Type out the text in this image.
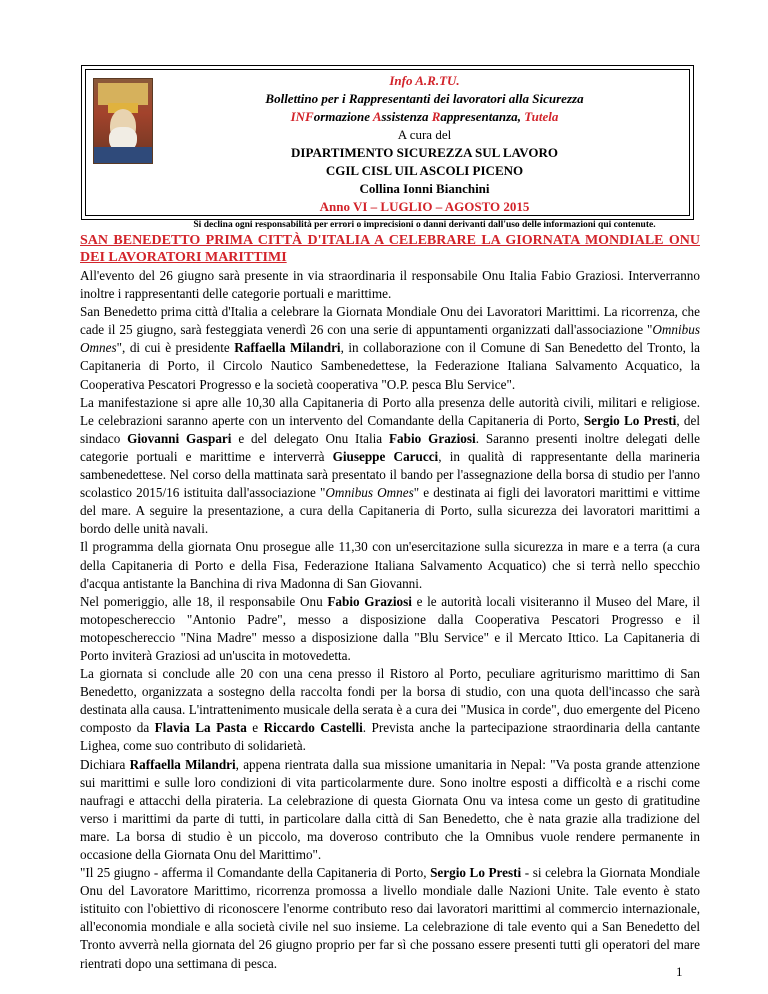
Info A.R.TU.
Bollettino per i Rappresentanti dei lavoratori alla Sicurezza
INFormazione Assistenza Rappresentanza, Tutela
A cura del
DIPARTIMENTO SICUREZZA SUL LAVORO
CGIL CISL UIL ASCOLI PICENO
Collina Ionni Bianchini
Anno VI – LUGLIO – AGOSTO 2015
Si declina ogni responsabilità per errori o imprecisioni o danni derivanti dall'uso delle informazioni qui contenute.
SAN BENEDETTO PRIMA CITTÀ D'ITALIA A CELEBRARE LA GIORNATA MONDIALE ONU DEI LAVORATORI MARITTIMI

All'evento del 26 giugno sarà presente in via straordinaria il responsabile Onu Italia Fabio Graziosi. Interverranno inoltre i rappresentanti delle categorie portuali e marittime.

San Benedetto prima città d'Italia a celebrare la Giornata Mondiale Onu dei Lavoratori Marittimi. La ricorrenza, che cade il 25 giugno, sarà festeggiata venerdì 26 con una serie di appuntamenti organizzati dall'associazione "Omnibus Omnes", di cui è presidente Raffaella Milandri, in collaborazione con il Comune di San Benedetto del Tronto, la Capitaneria di Porto, il Circolo Nautico Sambenedettese, la Federazione Italiana Salvamento Acquatico, la Cooperativa Pescatori Progresso e la società cooperativa "O.P. pesca Blu Service".

La manifestazione si apre alle 10,30 alla Capitaneria di Porto alla presenza delle autorità civili, militari e religiose. Le celebrazioni saranno aperte con un intervento del Comandante della Capitaneria di Porto, Sergio Lo Presti, del sindaco Giovanni Gaspari e del delegato Onu Italia Fabio Graziosi. Saranno presenti inoltre delegati delle categorie portuali e marittime e interverrà Giuseppe Carucci, in qualità di rappresentante della marineria sambenedettese. Nel corso della mattinata sarà presentato il bando per l'assegnazione della borsa di studio per l'anno scolastico 2015/16 istituita dall'associazione "Omnibus Omnes" e destinata ai figli dei lavoratori marittimi e vittime del mare. A seguire la presentazione, a cura della Capitaneria di Porto, sulla sicurezza dei lavoratori marittimi a bordo delle unità navali.

Il programma della giornata Onu prosegue alle 11,30 con un'esercitazione sulla sicurezza in mare e a terra (a cura della Capitaneria di Porto e della Fisa, Federazione Italiana Salvamento Acquatico) che si terrà nello specchio d'acqua antistante la Banchina di riva Madonna di San Giovanni.

Nel pomeriggio, alle 18, il responsabile Onu Fabio Graziosi e le autorità locali visiteranno il Museo del Mare, il motopeschereccio "Antonio Padre", messo a disposizione dalla Cooperativa Pescatori Progresso e il motopeschereccio "Nina Madre" messo a disposizione dalla "Blu Service" e il Mercato Ittico. La Capitaneria di Porto inviterà Graziosi ad un'uscita in motovedetta.

La giornata si conclude alle 20 con una cena presso il Ristoro al Porto, peculiare agriturismo marittimo di San Benedetto, organizzata a sostegno della raccolta fondi per la borsa di studio, con una quota dell'incasso che sarà destinata alla causa. L'intrattenimento musicale della serata è a cura dei "Musica in corde", duo emergente del Piceno composto da Flavia La Pasta e Riccardo Castelli. Prevista anche la partecipazione straordinaria della cantante Lighea, come suo contributo di solidarietà.

Dichiara Raffaella Milandri, appena rientrata dalla sua missione umanitaria in Nepal: "Va posta grande attenzione sui marittimi e sulle loro condizioni di vita particolarmente dure. Sono inoltre esposti a difficoltà e a rischi come naufragi e attacchi della pirateria. La celebrazione di questa Giornata Onu va intesa come un gesto di gratitudine verso i marittimi da parte di tutti, in particolare dalla città di San Benedetto, che è nata grazie alla tradizione del mare. La borsa di studio è un piccolo, ma doveroso contributo che la Omnibus vuole rendere permanente in occasione della Giornata Onu del Marittimo".

"Il 25 giugno - afferma il Comandante della Capitaneria di Porto, Sergio Lo Presti - si celebra la Giornata Mondiale Onu del Lavoratore Marittimo, ricorrenza promossa a livello mondiale dalle Nazioni Unite. Tale evento è stato istituito con l'obiettivo di riconoscere l'enorme contributo reso dai lavoratori marittimi al commercio internazionale, all'economia mondiale e alla società civile nel suo insieme. La celebrazione di tale evento qui a San Benedetto del Tronto avverrà nella giornata del 26 giugno proprio per far sì che possano essere presenti tutti gli operatori del mare rientrati dopo una settimana di pesca.

1
